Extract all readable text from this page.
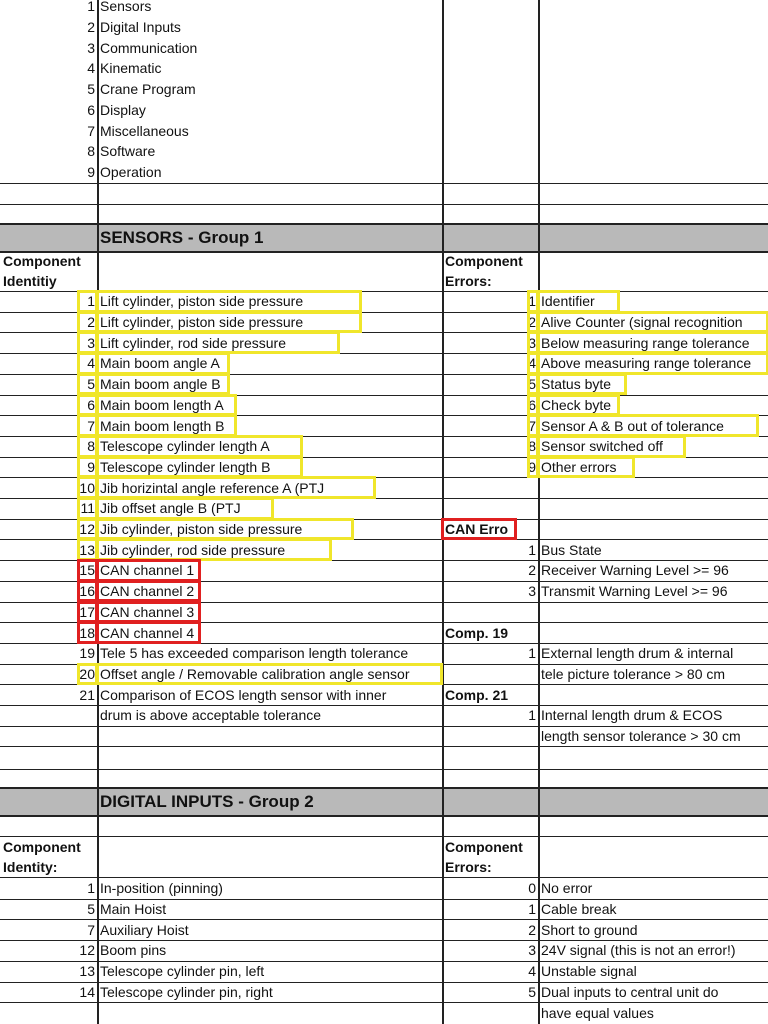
1 Sensors
2 Digital Inputs
3 Communication
4 Kinematic
5 Crane Program
6 Display
7 Miscellaneous
8 Software
9 Operation
SENSORS - Group 1
Component	Component
Identitiy	Errors:
1 Lift cylinder, piston side pressure	1 Identifier
2 Lift cylinder, piston side pressure	2 Alive Counter (signal recognition
3 Lift cylinder, rod side pressure	3 Below measuring range tolerance
4 Main boom angle A	4 Above measuring range tolerance
5 Main boom angle B	5 Status byte
6 Main boom length A	6 Check byte
7 Main boom length B	7 Sensor A & B out of tolerance
8 Telescope cylinder length A	8 Sensor switched off
9 Telescope cylinder length B	9 Other errors
10 Jib horizintal angle reference A (PTJ
11 Jib offset angle B (PTJ
12 Jib cylinder, piston side pressure	CAN Erro
13 Jib cylinder, rod side pressure	1 Bus State
15 CAN channel 1	2 Receiver Warning Level >= 96
16 CAN channel 2	3 Transmit Warning Level >= 96
17 CAN channel 3
18 CAN channel 4	Comp. 19
19 Tele 5 has exceeded comparison length tolerance	1 External length drum & internal
20 Offset angle / Removable calibration angle sensor	tele picture tolerance > 80 cm
21 Comparison of ECOS length sensor with inner	Comp. 21
drum is above acceptable tolerance	1 Internal length drum & ECOS
length sensor tolerance > 30 cm
DIGITAL INPUTS - Group 2
Component	Component
Identity:	Errors:
1 In-position (pinning)	0 No error
5 Main Hoist	1 Cable break
7 Auxiliary Hoist	2 Short to ground
12 Boom pins	3 24V signal (this is not an error!)
13 Telescope cylinder pin, left	4 Unstable signal
14 Telescope cylinder pin, right	5 Dual inputs to central unit do
have equal values
